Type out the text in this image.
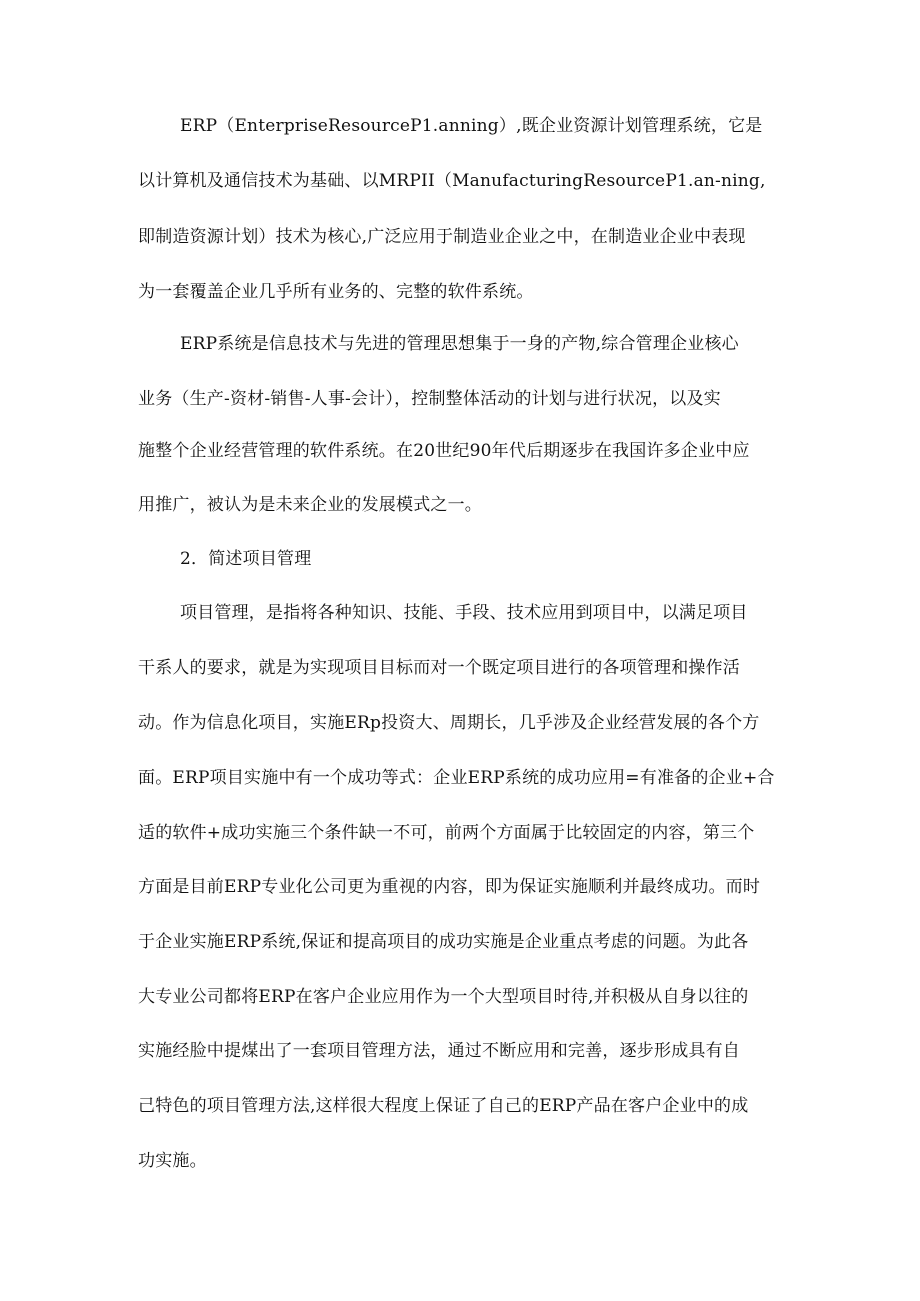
ERP（EnterpriseResourceP1.anning）,既企业资源计划管理系统，它是
以计算机及通信技术为基础、以MRPII（ManufacturingResourceP1.an-ning,
即制造资源计划）技术为核心,广泛应用于制造业企业之中，在制造业企业中表现
为一套覆盖企业几乎所有业务的、完整的软件系统。
ERP系统是信息技术与先进的管理思想集于一身的产物,综合管理企业核心
业务（生产-资材-销售-人事-会计），控制整体活动的计划与进行状况，以及实
施整个企业经营管理的软件系统。在20世纪90年代后期逐步在我国许多企业中应
用推广，被认为是未来企业的发展模式之一。
2．简述项目管理
项目管理，是指将各种知识、技能、手段、技术应用到项目中，以满足项目
干系人的要求，就是为实现项目目标而对一个既定项目进行的各项管理和操作活
动。作为信息化项目，实施ERp投资大、周期长，几乎涉及企业经营发展的各个方
面。ERP项目实施中有一个成功等式：企业ERP系统的成功应用=有准备的企业+合
适的软件+成功实施三个条件缺一不可，前两个方面属于比较固定的内容，第三个
方面是目前ERP专业化公司更为重视的内容，即为保证实施顺利并最终成功。而时
于企业实施ERP系统,保证和提高项目的成功实施是企业重点考虑的问题。为此各
大专业公司都将ERP在客户企业应用作为一个大型项目时待,并积极从自身以往的
实施经脸中提煤出了一套项目管理方法，通过不断应用和完善，逐步形成具有自
己特色的项目管理方法,这样很大程度上保证了自己的ERP产品在客户企业中的成
功实施。
